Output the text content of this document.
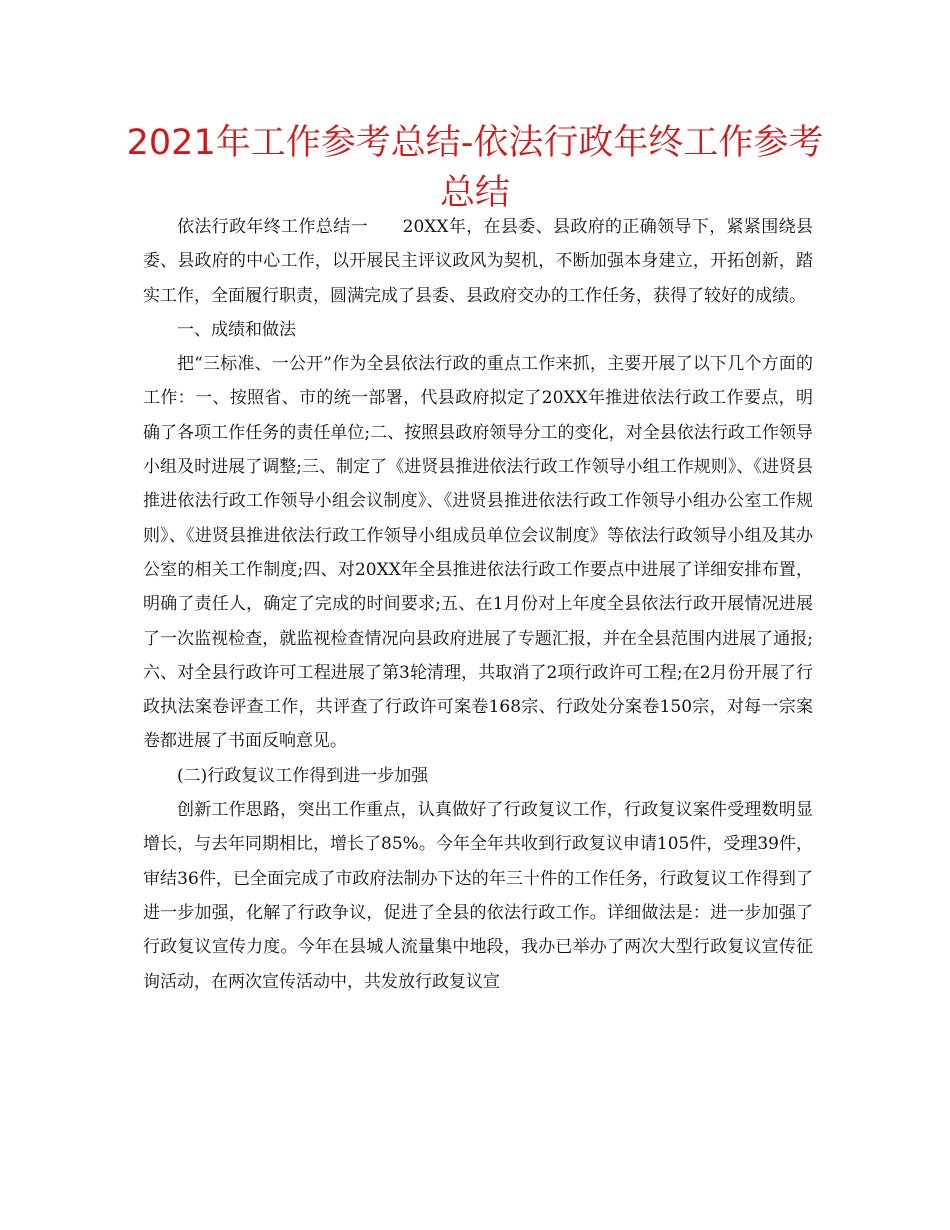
2021年工作参考总结-依法行政年终工作参考总结

依法行政年终工作总结一　　20XX年，在县委、县政府的正确领导下，紧紧围绕县委、县政府的中心工作，以开展民主评议政风为契机，不断加强本身建立，开拓创新，踏实工作，全面履行职责，圆满完成了县委、县政府交办的工作任务，获得了较好的成绩。

一、成绩和做法

把“三标准、一公开”作为全县依法行政的重点工作来抓，主要开展了以下几个方面的工作：一、按照省、市的统一部署，代县政府拟定了20XX年推进依法行政工作要点，明确了各项工作任务的责任单位;二、按照县政府领导分工的变化，对全县依法行政工作领导小组及时进展了调整;三、制定了《进贤县推进依法行政工作领导小组工作规则》、《进贤县推进依法行政工作领导小组会议制度》、《进贤县推进依法行政工作领导小组办公室工作规则》、《进贤县推进依法行政工作领导小组成员单位会议制度》等依法行政领导小组及其办公室的相关工作制度;四、对20XX年全县推进依法行政工作要点中进展了详细安排布置，明确了责任人，确定了完成的时间要求;五、在1月份对上年度全县依法行政开展情况进展了一次监视检查，就监视检查情况向县政府进展了专题汇报，并在全县范围内进展了通报;六、对全县行政许可工程进展了第3轮清理，共取消了2项行政许可工程;在2月份开展了行政执法案卷评查工作，共评查了行政许可案卷168宗、行政处分案卷150宗，对每一宗案卷都进展了书面反响意见。

(二)行政复议工作得到进一步加强

创新工作思路，突出工作重点，认真做好了行政复议工作，行政复议案件受理数明显增长，与去年同期相比，增长了85%。今年全年共收到行政复议申请105件，受理39件，审结36件，已全面完成了市政府法制办下达的年三十件的工作任务，行政复议工作得到了进一步加强，化解了行政争议，促进了全县的依法行政工作。详细做法是：进一步加强了行政复议宣传力度。今年在县城人流量集中地段，我办已举办了两次大型行政复议宣传征询活动，在两次宣传活动中，共发放行政复议宣
